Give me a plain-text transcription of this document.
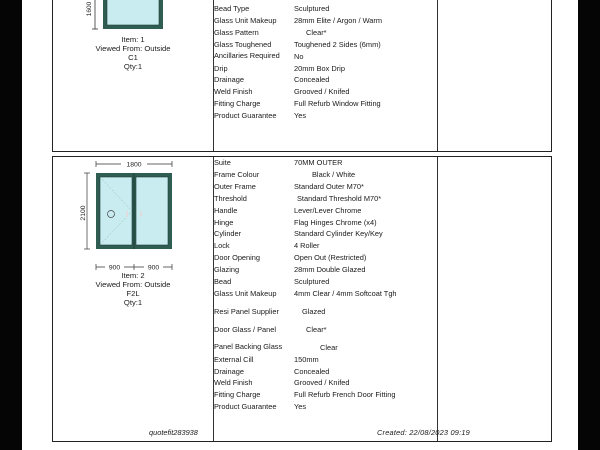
1600
Item: 1
Viewed From: Outside
C1
Qty:1
Bead Type	Sculptured
Glass Unit Makeup	28mm Elite / Argon / Warm
Glass Pattern	Clear*
Glass Toughened	Toughened 2 Sides (6mm)
Ancillaries Required	No
Drip	20mm Box Drip
Drainage	Concealed
Weld Finish	Grooved / Knifed
Fitting Charge	Full Refurb Window Fitting
Product Guarantee	Yes
1800
2100
900	900
Item: 2
Viewed From: Outside
F2L
Qty:1
Suite	70MM OUTER
Frame Colour	Black / White
Outer Frame	Standard Outer M70*
Threshold	Standard Threshold M70*
Handle	Lever/Lever Chrome
Hinge	Flag Hinges Chrome (x4)
Cylinder	Standard Cylinder Key/Key
Lock	4 Roller
Door Opening	Open Out (Restricted)
Glazing	28mm Double Glazed
Bead	Sculptured
Glass Unit Makeup	4mm Clear / 4mm Softcoat Tgh
Resi Panel Supplier	Glazed
Door Glass / Panel	Clear*
Panel Backing Glass	Clear
External Cill	150mm
Drainage	Concealed
Weld Finish	Grooved / Knifed
Fitting Charge	Full Refurb French Door Fitting
Product Guarantee	Yes
quotefit283938	Created: 22/08/2023 09:19
